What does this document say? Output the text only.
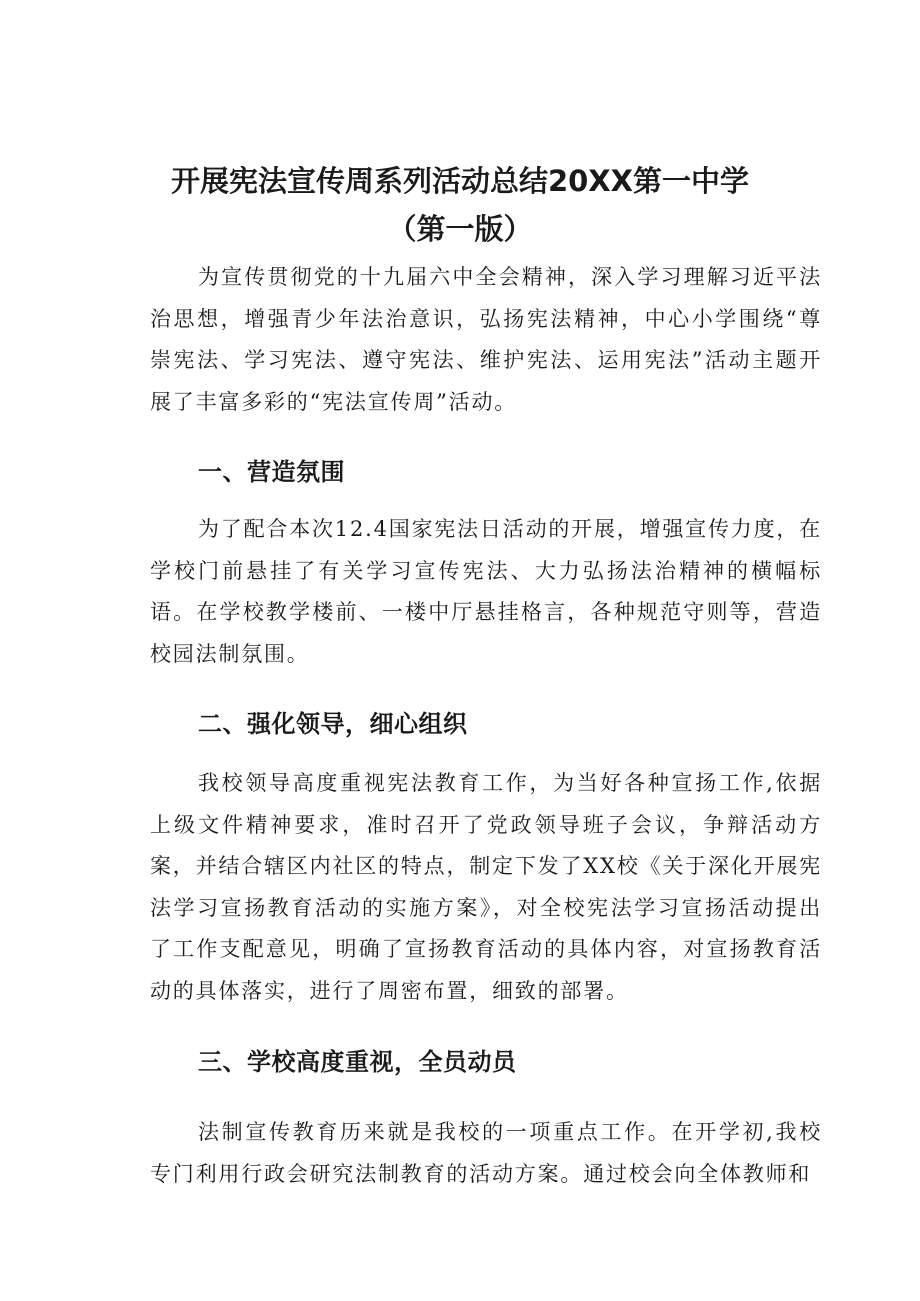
开展宪法宣传周系列活动总结20XX第一中学
（第一版）

为宣传贯彻党的十九届六中全会精神，深入学习理解习近平法治思想，增强青少年法治意识，弘扬宪法精神，中心小学围绕“尊崇宪法、学习宪法、遵守宪法、维护宪法、运用宪法”活动主题开展了丰富多彩的“宪法宣传周”活动。

一、营造氛围

为了配合本次12.4国家宪法日活动的开展，增强宣传力度，在学校门前悬挂了有关学习宣传宪法、大力弘扬法治精神的横幅标语。在学校教学楼前、一楼中厅悬挂格言，各种规范守则等，营造校园法制氛围。

二、强化领导，细心组织

我校领导高度重视宪法教育工作，为当好各种宣扬工作,依据上级文件精神要求，准时召开了党政领导班子会议，争辩活动方案，并结合辖区内社区的特点，制定下发了XX校《关于深化开展宪法学习宣扬教育活动的实施方案》，对全校宪法学习宣扬活动提出了工作支配意见，明确了宣扬教育活动的具体内容，对宣扬教育活动的具体落实，进行了周密布置，细致的部署。

三、学校高度重视，全员动员

法制宣传教育历来就是我校的一项重点工作。在开学初,我校专门利用行政会研究法制教育的活动方案。通过校会向全体教师和
